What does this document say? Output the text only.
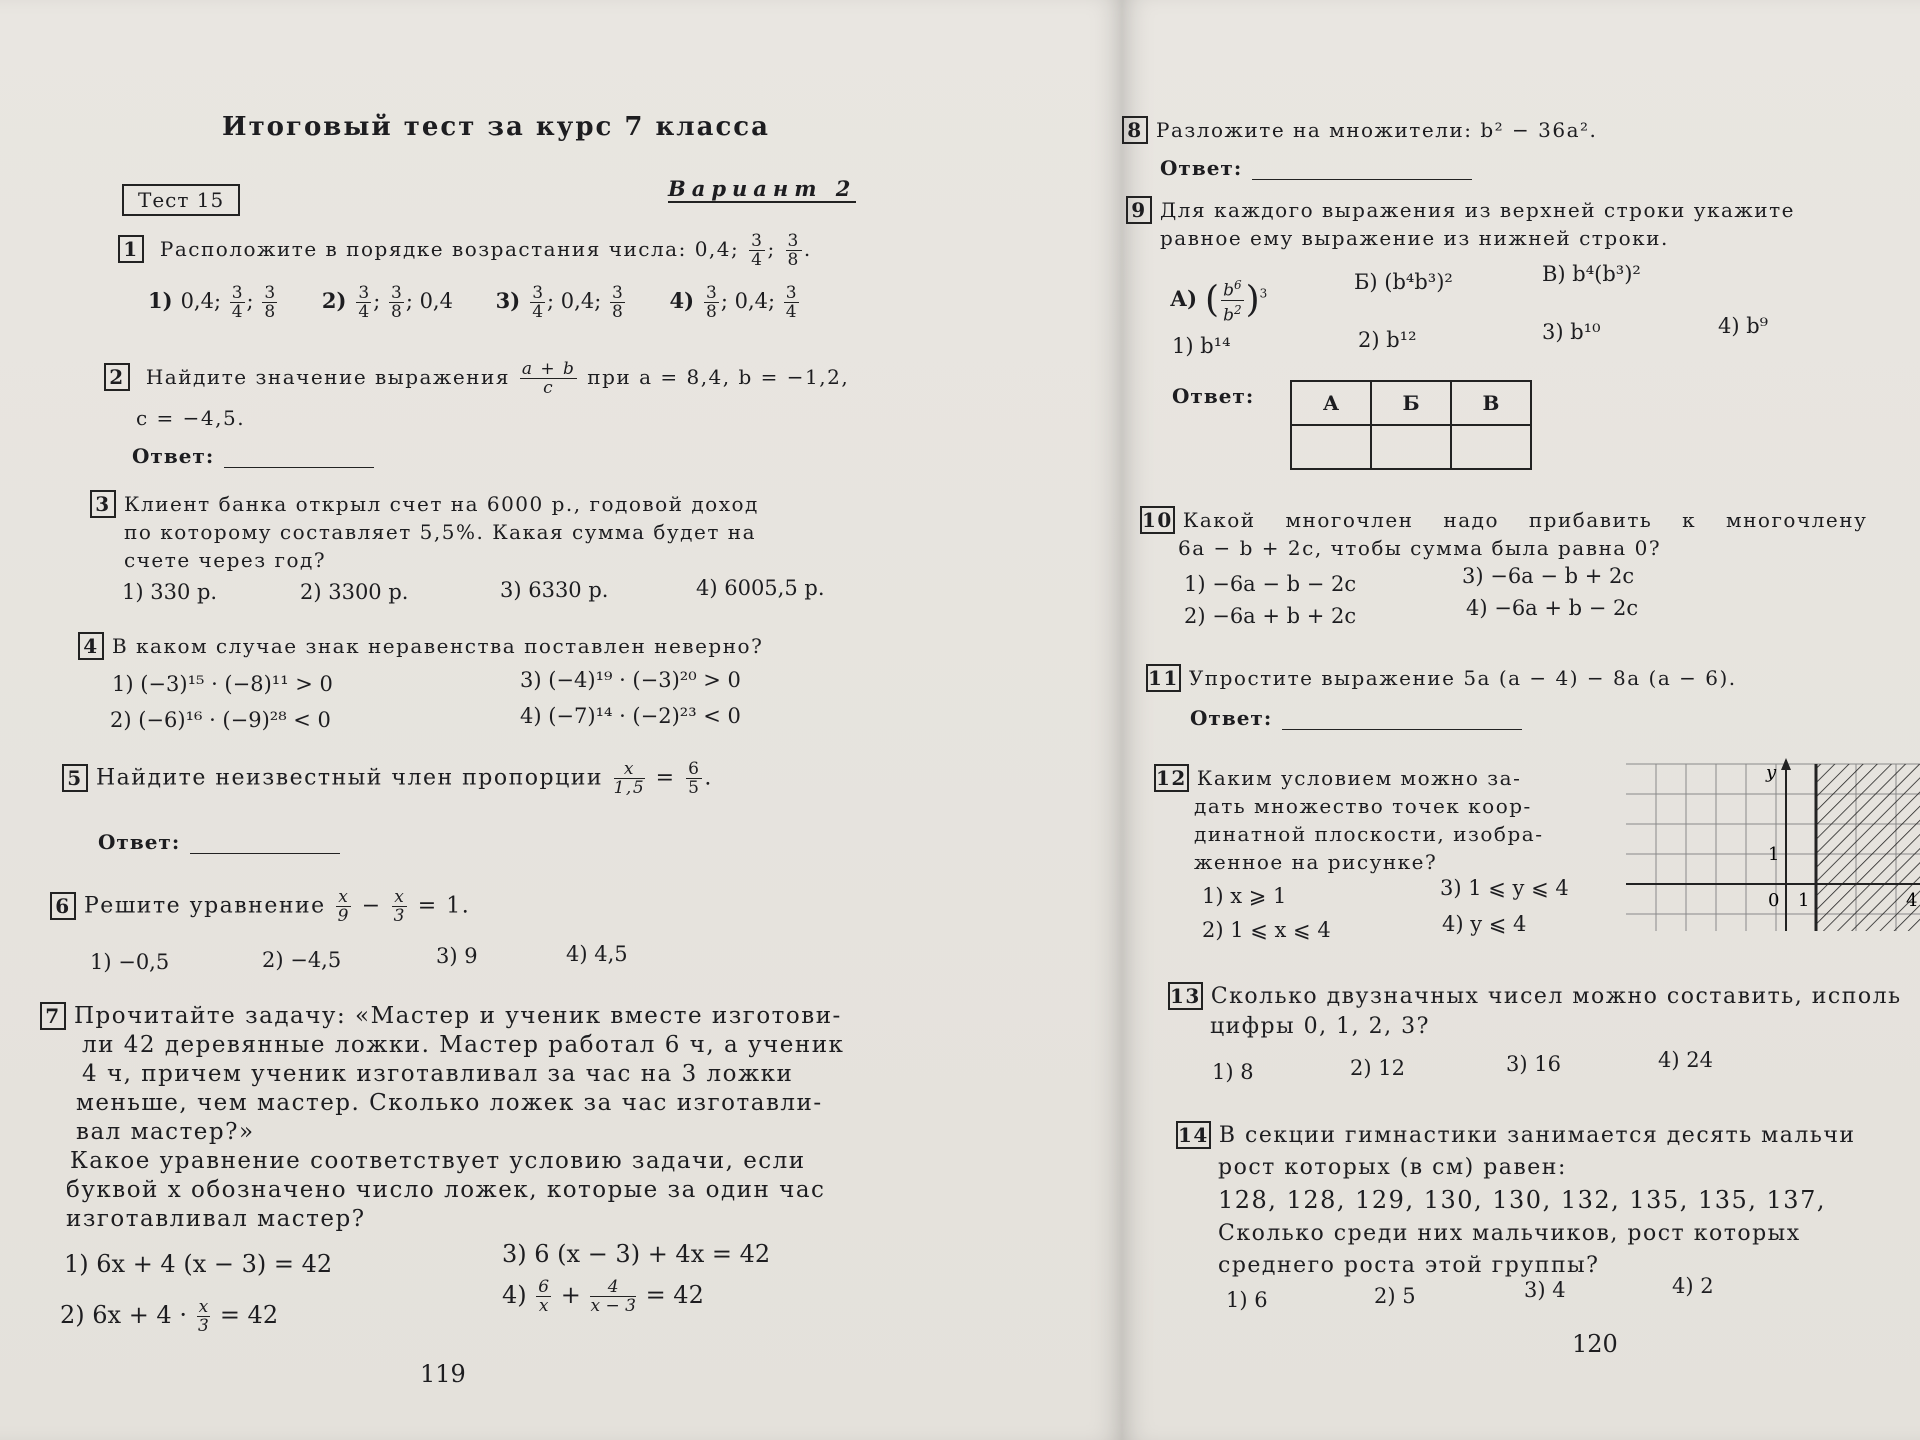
Итоговый тест за курс 7 класса
Тест 15	Вариант 2
1 Расположите в порядке возрастания числа: 0,4; $\frac{3}{4}$ ; $\frac{3}{8}$ .
1) 0,4; $\frac{3}{4}$ ; $\frac{3}{8} 2) \frac{3}{4}$ ; $\frac{3}{8}$ ; 0,4 $3) \frac{3}{4}$ ; 0,4; $\frac{3}{8} 4) \frac{3}{8}$ ; 0,4; $\frac{3}{4}$
2 Найдите значение выражения $\frac{a + b}{c}$ при a = 8,4, b = −1,2,
c = −4,5.
Ответ:
3 Клиент банка открыл счет на 6000 р., годовой доход
по которому составляет 5,5%. Какая сумма будет на
счете через год?
1) 330 р.	2) 3300 р.	3) 6330 р.	4) 6005,5 р.
4 В каком случае знак неравенства поставлен неверно?
1) (−3)¹⁵ · (−8)¹¹ > 0
2) (−6)¹⁶ · (−9)²⁸ < 0
3) (−4)¹⁹ · (−3)²⁰ > 0
4) (−7)¹⁴ · (−2)²³ < 0
5 Найдите неизвестный член пропорции $\frac{x}{1,5} = \frac{6}{5}$ .
Ответ:
6 Решите уравнение $\frac{x}{9} - \frac{x}{3} = 1$.
1) −0,5	2) −4,5	3) 9	4) 4,5
7 Прочитайте задачу: «Мастер и ученик вместе изготови-
ли 42 деревянные ложки. Мастер работал 6 ч, а ученик
4 ч, причем ученик изготавливал за час на 3 ложки
меньше, чем мастер. Сколько ложек за час изготавли-
вал мастер?»
Какое уравнение соответствует условию задачи, если
буквой x обозначено число ложек, которые за один час
изготавливал мастер?
1) 6x + 4 (x − 3) = 42
2) $6x + 4 \cdot \frac{x}{3} = 42$
3) 6 (x − 3) + 4x = 42
$4) \frac{6}{x} + \frac{4}{x - 3} = 42$
119
8 Разложите на множители: b² − 36a².
Ответ:
9 Для каждого выражения из верхней строки укажите
равное ему выражение из нижней строки.
А) ( $\frac{b^6}{b^2} )^3$	Б) (b⁴b³)²	В) b⁴(b³)²
1) b¹⁴	2) b¹²	3) b¹⁰	4) b⁹
Ответ:	А	Б	В

10 Какой многочлен надо прибавить к многочлену
6a − b + 2c, чтобы сумма была равна 0?
1) −6a − b − 2c
2) −6a + b + 2c
3) −6a − b + 2c
4) −6a + b − 2c
11 Упростите выражение 5a (a − 4) − 8a (a − 6).
Ответ:
12 Каким условием можно за-
дать множество точек коор-
динатной плоскости, изобра-
женное на рисунке?
1) x ⩾ 1
2) 1 ⩽ x ⩽ 4
3) 1 ⩽ y ⩽ 4
4) y ⩽ 4
y
1
0 1	4
13 Сколько двузначных чисел можно составить, исполь
цифры 0, 1, 2, 3?
1) 8	2) 12	3) 16	4) 24
14 В секции гимнастики занимается десять мальчи
рост которых (в см) равен:
128, 128, 129, 130, 130, 132, 135, 135, 137,
Сколько среди них мальчиков, рост которых
среднего роста этой группы?
1) 6	2) 5	3) 4	4) 2
120
